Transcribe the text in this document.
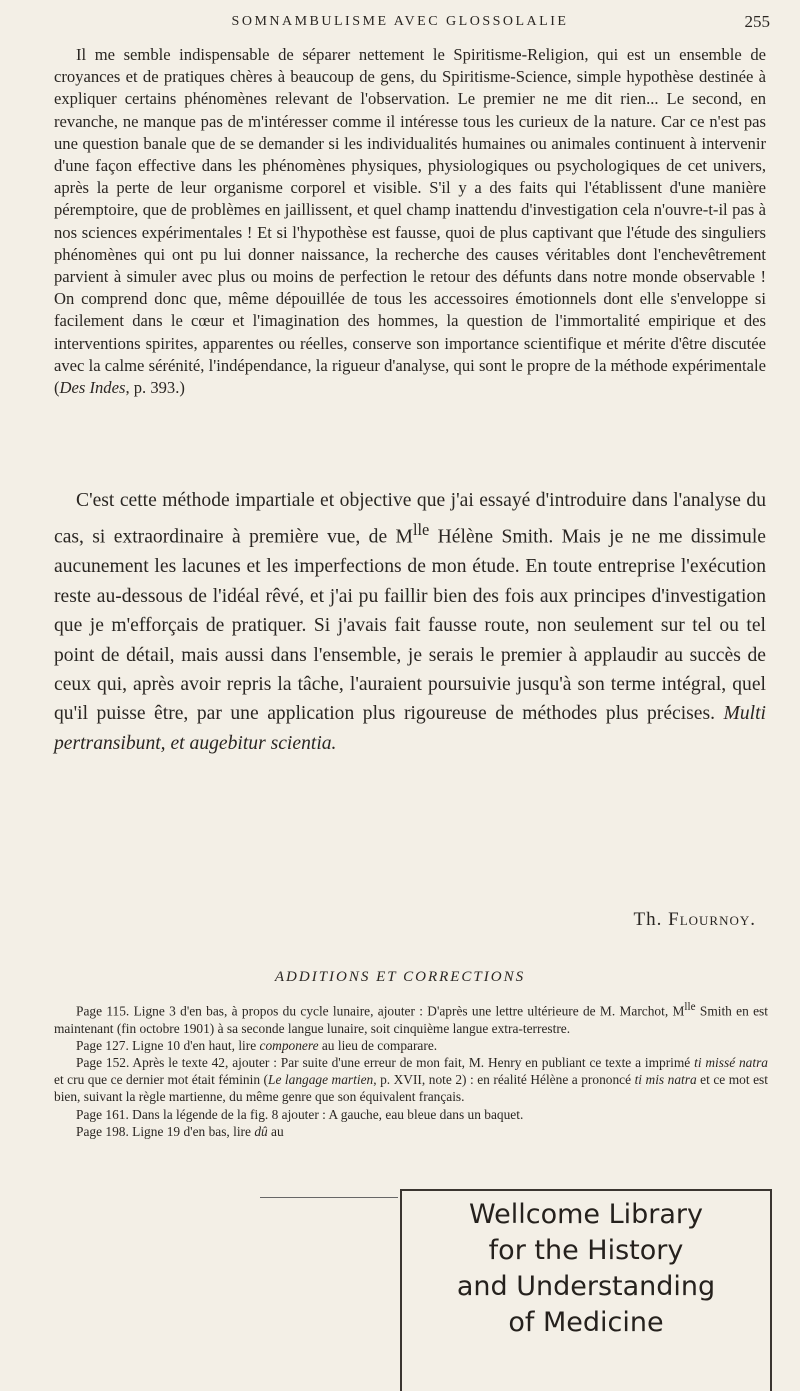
SOMNAMBULISME AVEC GLOSSOLALIE	255

Il me semble indispensable de séparer nettement le Spiritisme-Religion, qui est un ensemble de croyances et de pratiques chères à beaucoup de gens, du Spiritisme-Science, simple hypothèse destinée à expliquer certains phénomènes relevant de l'observation. Le premier ne me dit rien... Le second, en revanche, ne manque pas de m'intéresser comme il intéresse tous les curieux de la nature. Car ce n'est pas une question banale que de se demander si les individualités humaines ou animales continuent à intervenir d'une façon effective dans les phénomènes physiques, physiologiques ou psychologiques de cet univers, après la perte de leur organisme corporel et visible. S'il y a des faits qui l'établissent d'une manière péremptoire, que de problèmes en jaillissent, et quel champ inattendu d'investigation cela n'ouvre-t-il pas à nos sciences expérimentales ! Et si l'hypothèse est fausse, quoi de plus captivant que l'étude des singuliers phénomènes qui ont pu lui donner naissance, la recherche des causes véritables dont l'enchevêtrement parvient à simuler avec plus ou moins de perfection le retour des défunts dans notre monde observable ! On comprend donc que, même dépouillée de tous les accessoires émotionnels dont elle s'enveloppe si facilement dans le cœur et l'imagination des hommes, la question de l'immortalité empirique et des interventions spirites, apparentes ou réelles, conserve son importance scientifique et mérite d'être discutée avec la calme sérénité, l'indépendance, la rigueur d'analyse, qui sont le propre de la méthode expérimentale (Des Indes, p. 393.)

C'est cette méthode impartiale et objective que j'ai essayé d'introduire dans l'analyse du cas, si extraordinaire à première vue, de $M^{lle}$ Hélène Smith. Mais je ne me dissimule aucunement les lacunes et les imperfections de mon étude. En toute entreprise l'exécution reste au-dessous de l'idéal rêvé, et j'ai pu faillir bien des fois aux principes d'investigation que je m'efforçais de pratiquer. Si j'avais fait fausse route, non seulement sur tel ou tel point de détail, mais aussi dans l'ensemble, je serais le premier à applaudir au succès de ceux qui, après avoir repris la tâche, l'auraient poursuivie jusqu'à son terme intégral, quel qu'il puisse être, par une application plus rigoureuse de méthodes plus précises. Multi pertransibunt, et augebitur scientia.

Th. Flournoy.
ADDITIONS ET CORRECTIONS

Page 115. Ligne 3 d'en bas, à propos du cycle lunaire, ajouter : D'après une lettre ultérieure de M. Marchot, $M^{lle}$ Smith en est maintenant (fin octobre 1901) à sa seconde langue lunaire, soit cinquième langue extra-terrestre.

Page 127. Ligne 10 d'en haut, lire componere au lieu de comparare.

Page 152. Après le texte 42, ajouter : Par suite d'une erreur de mon fait, M. Henry en publiant ce texte a imprimé ti missé natra et cru que ce dernier mot était féminin (Le langage martien, p. XVII, note 2) : en réalité Hélène a prononcé ti mis natra et ce mot est bien, suivant la règle martienne, du même genre que son équivalent français.

Page 161. Dans la légende de la fig. 8 ajouter : A gauche, eau bleue dans un baquet.

Page 198. Ligne 19 d'en bas, lire dû au

Wellcome Library
for the History
and Understanding
of Medicine
